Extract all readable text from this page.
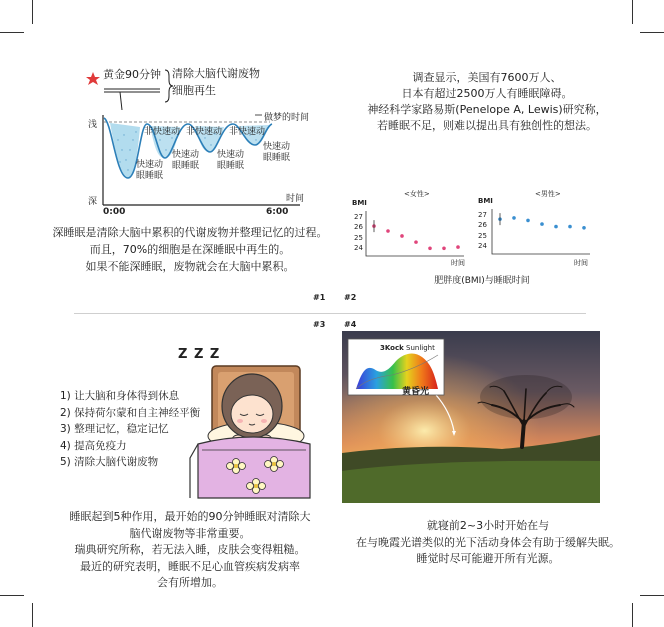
黄金90分钟 清除大脑代谢废物
细胞再生
做梦的时间
浅
深	时间
0:00	6:00
非快速动 非快速动 非快速动
快速动
眼睡眠
快速动
眼睡眠
快速动
眼睡眠
快速动
眼睡眠
深睡眠是清除大脑中累积的代谢废物并整理记忆的过程。
而且，70%的细胞是在深睡眠中再生的。
如果不能深睡眠，废物就会在大脑中累积。
#1
调查显示，美国有7600万人、
日本有超过2500万人有睡眠障碍。
神经科学家路易斯(Penelope A, Lewis)研究称，
若睡眠不足，则难以提出具有独创性的想法。
<女性>	<男性>
BMI	BMI
27
26
25
24
27
26
25
24
时间	时间
肥胖度(BMI)与睡眠时间
#2
#3
Z Z Z
1) 让大脑和身体得到休息
2) 保持荷尔蒙和自主神经平衡
3) 整理记忆，稳定记忆
4) 提高免疫力
5) 清除大脑代谢废物
睡眠起到5种作用，最开始的90分钟睡眠对清除大
脑代谢废物等非常重要。
瑞典研究所称，若无法入睡，皮肤会变得粗糙。
最近的研究表明，睡眠不足心血管疾病发病率
会有所增加。
#4
3Kock Sunlight
黄昏光
就寝前2~3小时开始在与
在与晚霞光谱类似的光下活动身体会有助于缓解失眠。
睡觉时尽可能避开所有光源。
